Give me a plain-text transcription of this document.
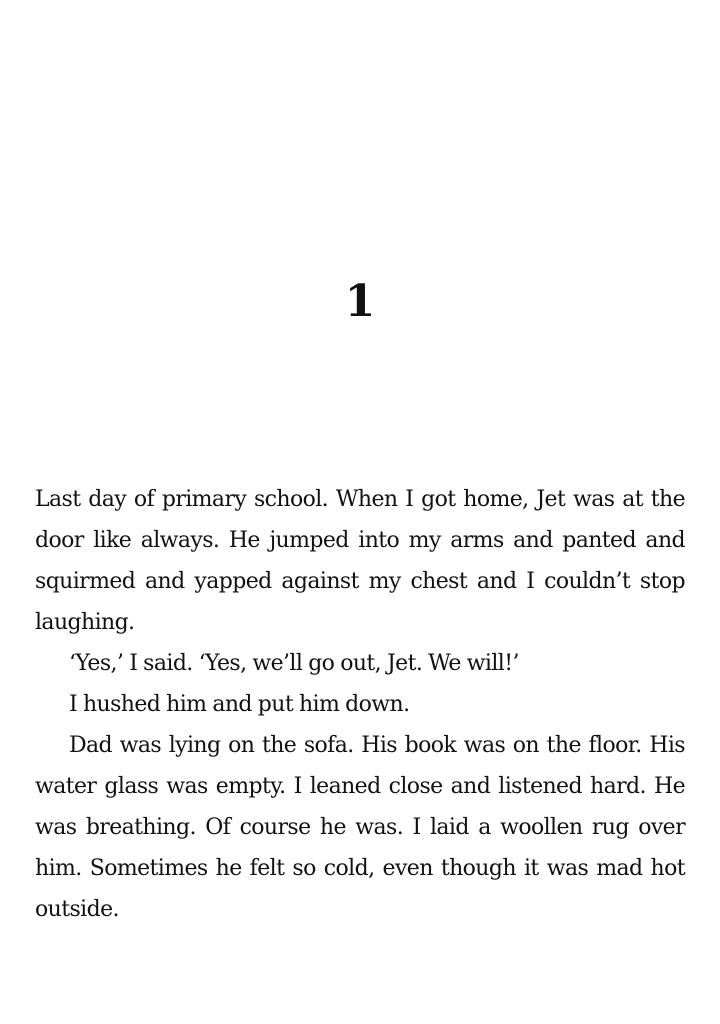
1

Last day of primary school. When I got home, Jet was at the door like always. He jumped into my arms and panted and squirmed and yapped against my chest and I couldn’t stop laughing.

‘Yes,’ I said. ‘Yes, we’ll go out, Jet. We will!’

I hushed him and put him down.

Dad was lying on the sofa. His book was on the floor. His water glass was empty. I leaned close and listened hard. He was breathing. Of course he was. I laid a woollen rug over him. Sometimes he felt so cold, even though it was mad hot outside.
